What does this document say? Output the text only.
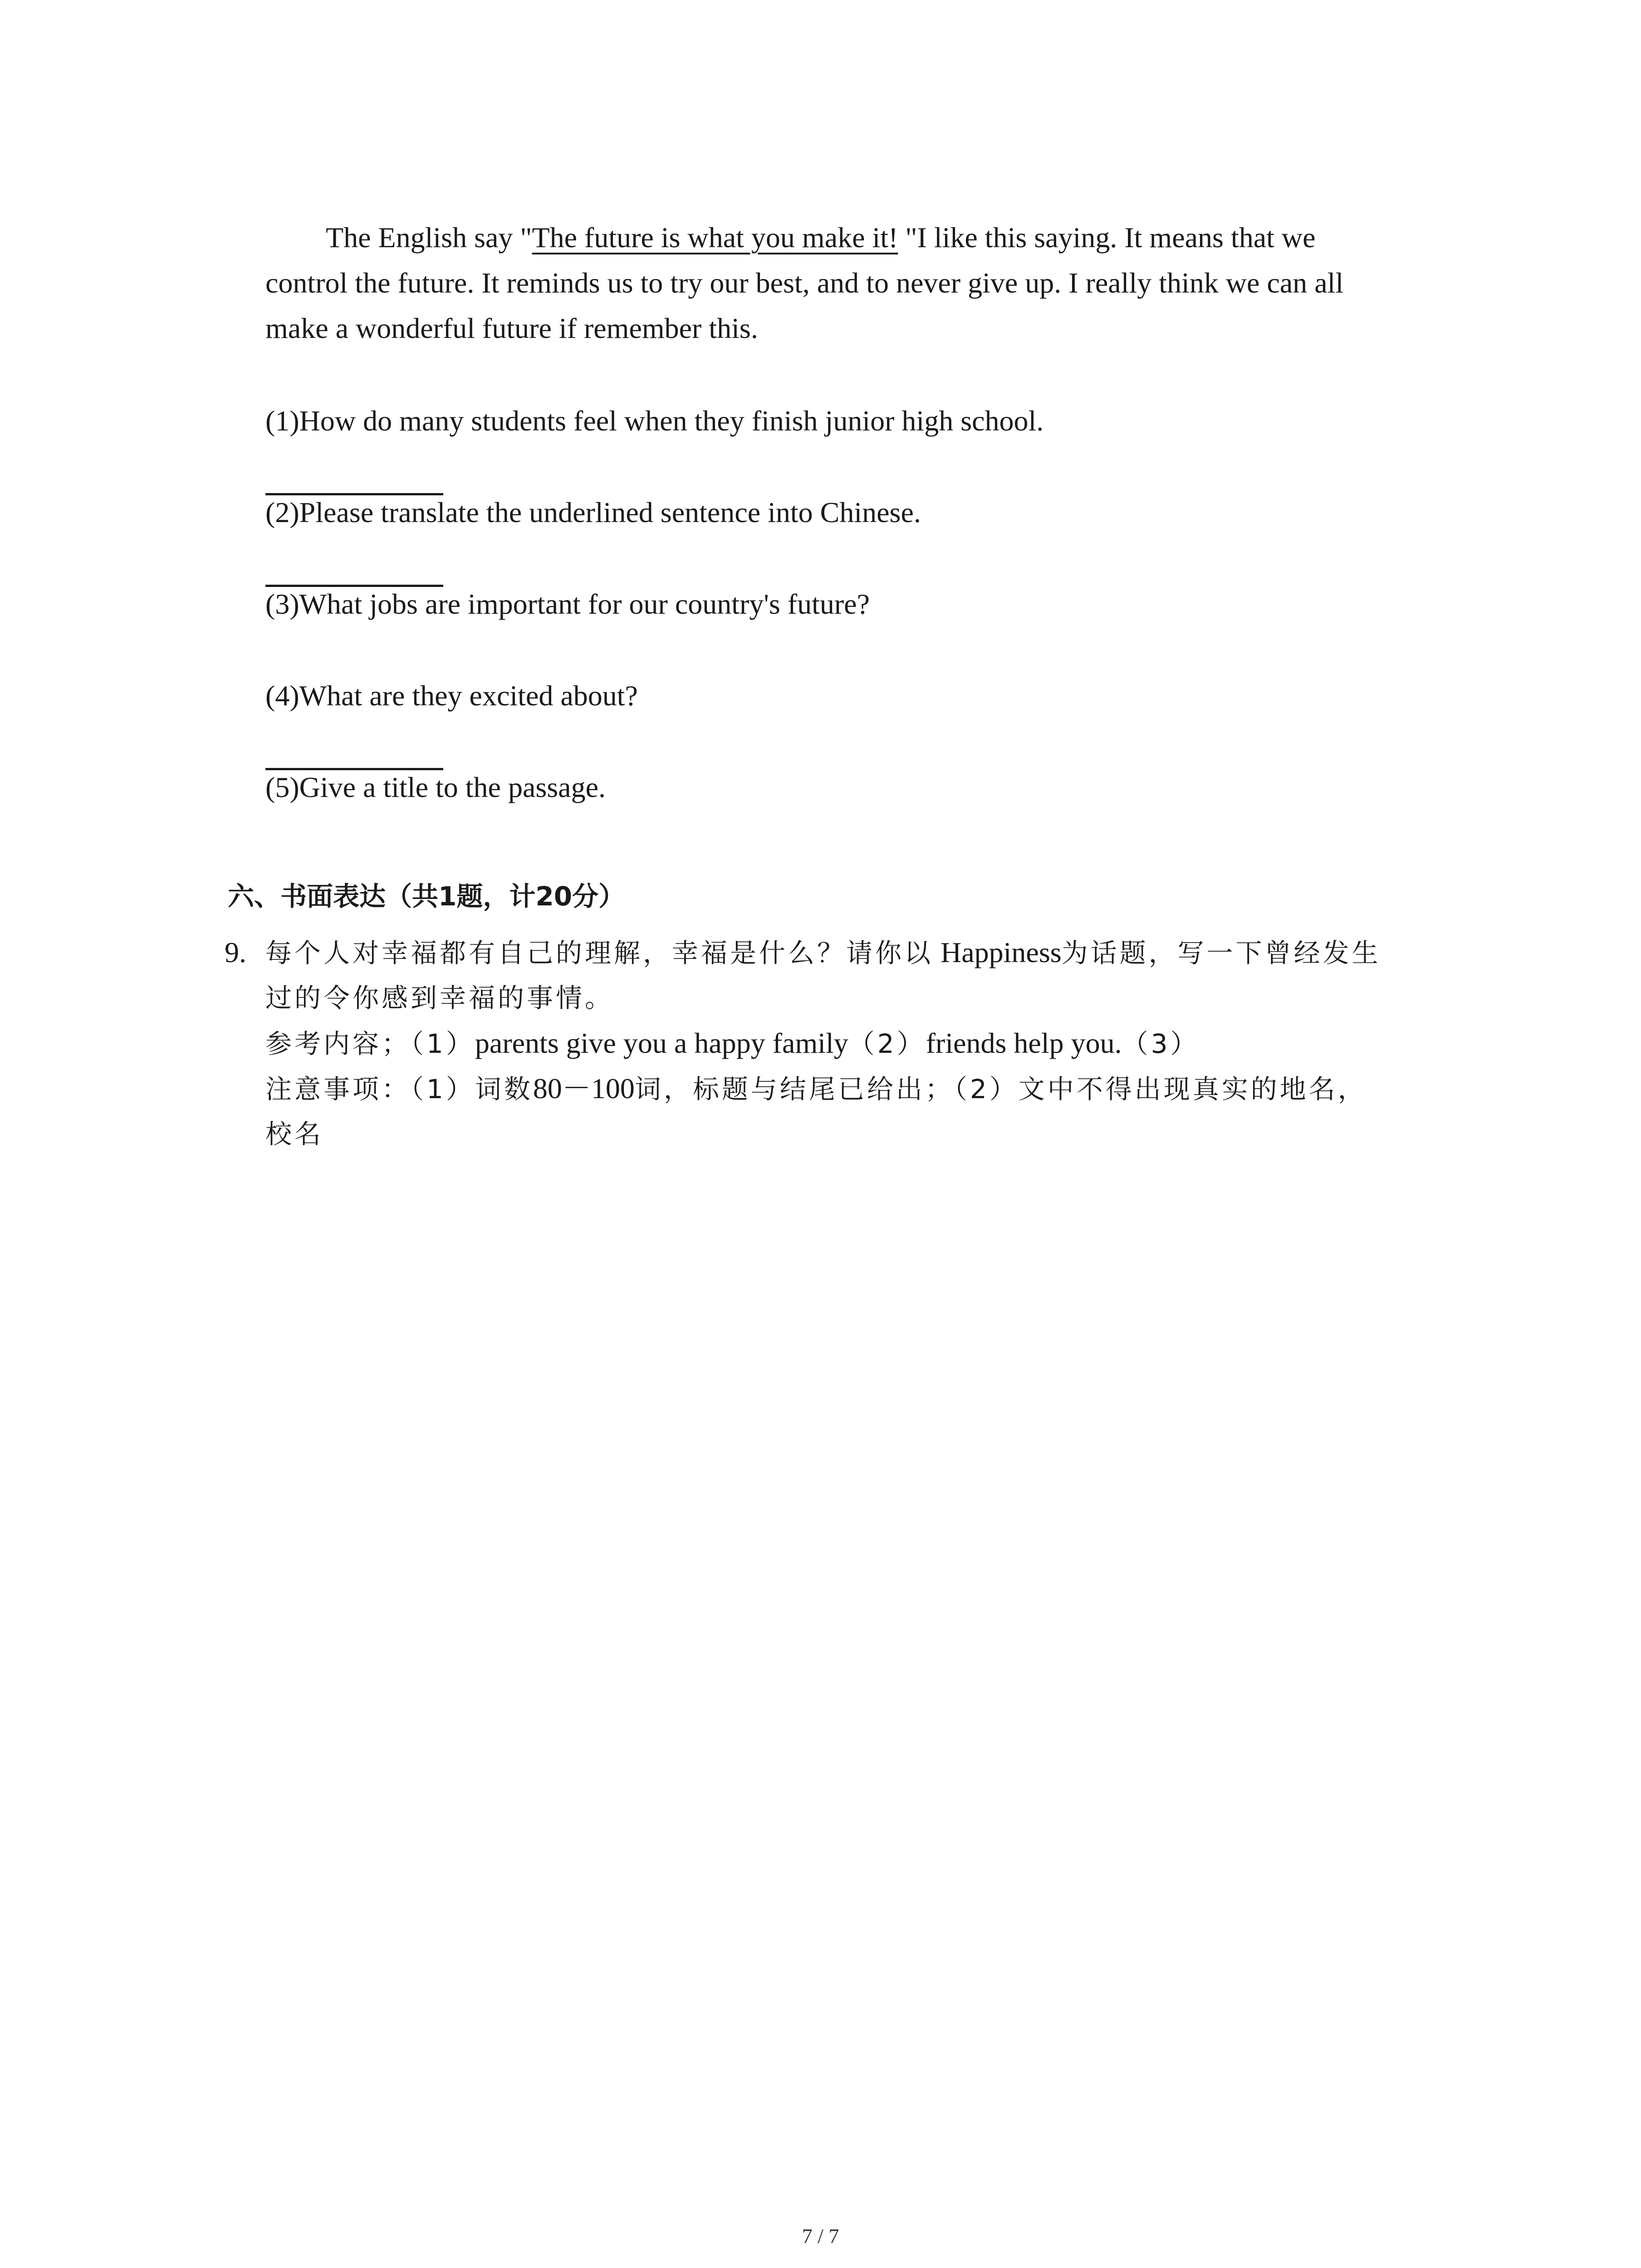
The English say "The future is what you make it! "I like this saying. It means that we
control the future. It reminds us to try our best, and to never give up. I really think we can all
make a wonderful future if remember this.
(1)How do many students feel when they finish junior high school.
(2)Please translate the underlined sentence into Chinese.
(3)What jobs are important for our country's future?
(4)What are they excited about?
(5)Give a title to the passage.
六、书面表达（共1题，计20分）
9. 每个人对幸福都有自己的理解，幸福是什么？请你以 Happiness为话题，写一下曾经发生
过的令你感到幸福的事情。
参考内容；（1）parents give you a happy family（2）friends help you.（3）
注意事项：（1）词数80－100词，标题与结尾已给出；（2）文中不得出现真实的地名，
校名
7 / 7
